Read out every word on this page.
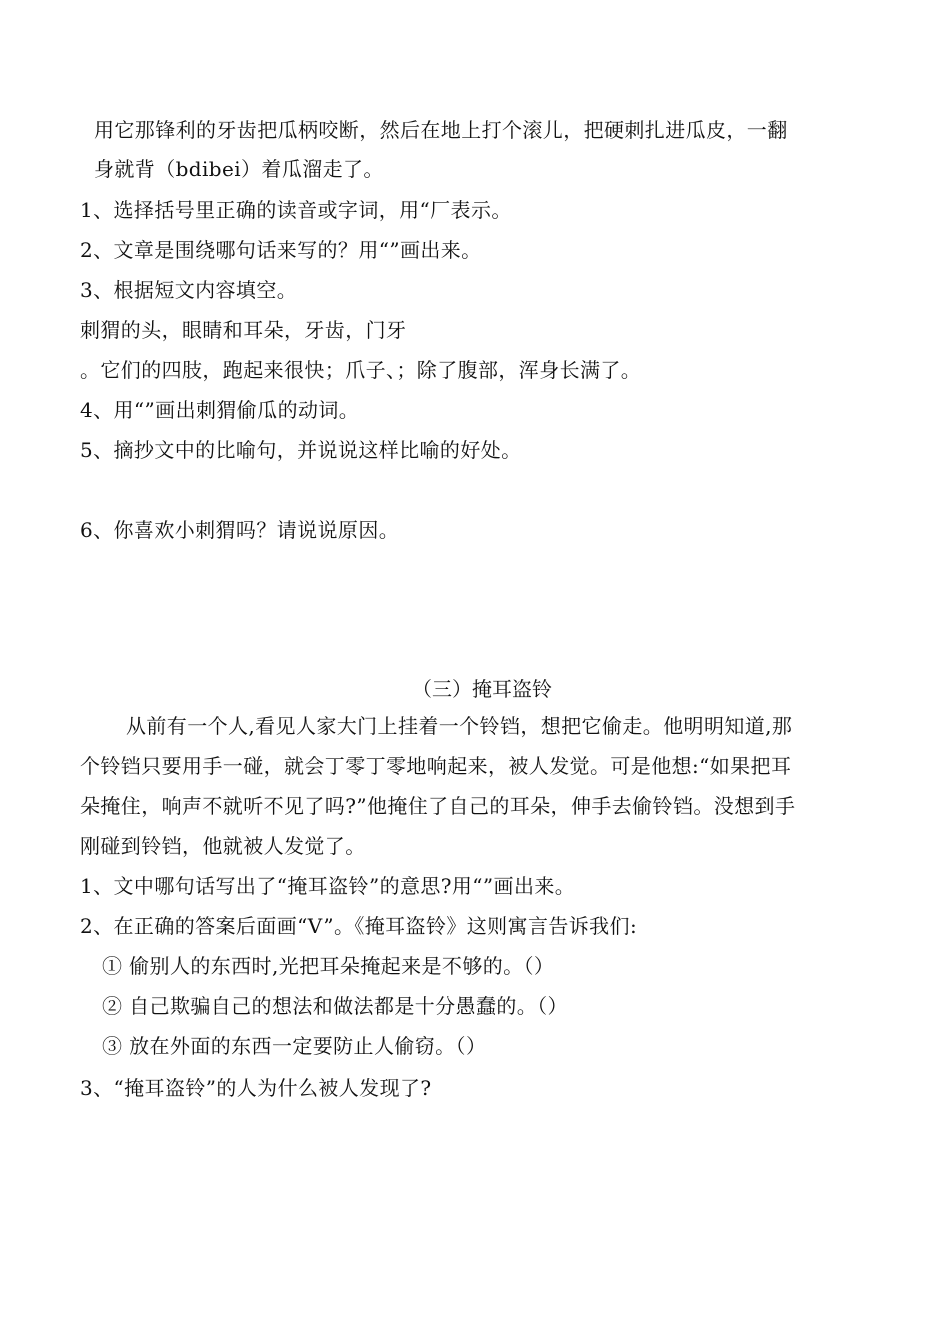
用它那锋利的牙齿把瓜柄咬断，然后在地上打个滚儿，把硬刺扎进瓜皮，一翻
身就背（bdibei）着瓜溜走了。
1、选择括号里正确的读音或字词，用“厂表示。
2、文章是围绕哪句话来写的？用“”画出来。
3、根据短文内容填空。
刺猬的头，眼睛和耳朵，牙齿，门牙
。它们的四肢，跑起来很快；爪子、；除了腹部，浑身长满了。
4、用“”画出刺猬偷瓜的动词。
5、摘抄文中的比喻句，并说说这样比喻的好处。
6、你喜欢小刺猬吗？请说说原因。
（三）掩耳盗铃
从前有一个人,看见人家大门上挂着一个铃铛，想把它偷走。他明明知道,那
个铃铛只要用手一碰，就会丁零丁零地响起来，被人发觉。可是他想:“如果把耳
朵掩住，响声不就听不见了吗?”他掩住了自己的耳朵，伸手去偷铃铛。没想到手
刚碰到铃铛，他就被人发觉了。
1、文中哪句话写出了“掩耳盗铃”的意思?用“”画出来。
2、在正确的答案后面画“V”。《掩耳盗铃》这则寓言告诉我们:
① 偷别人的东西时,光把耳朵掩起来是不够的。（）
② 自己欺骗自己的想法和做法都是十分愚蠢的。（）
③ 放在外面的东西一定要防止人偷窃。（）
3、“掩耳盗铃”的人为什么被人发现了?
